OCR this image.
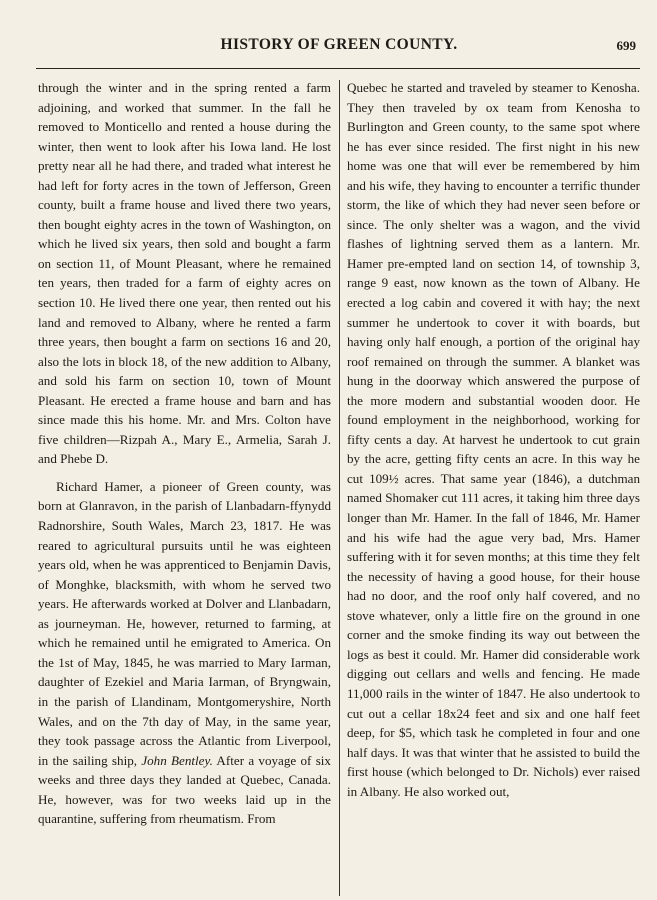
HISTORY OF GREEN COUNTY.	699

through the winter and in the spring rented a farm adjoining, and worked that summer. In the fall he removed to Monticello and rented a house during the winter, then went to look after his Iowa land. He lost pretty near all he had there, and traded what interest he had left for forty acres in the town of Jefferson, Green county, built a frame house and lived there two years, then bought eighty acres in the town of Washington, on which he lived six years, then sold and bought a farm on section 11, of Mount Pleasant, where he remained ten years, then traded for a farm of eighty acres on section 10. He lived there one year, then rented out his land and removed to Albany, where he rented a farm three years, then bought a farm on sections 16 and 20, also the lots in block 18, of the new addition to Albany, and sold his farm on section 10, town of Mount Pleasant. He erected a frame house and barn and has since made this his home. Mr. and Mrs. Colton have five children—Rizpah A., Mary E., Armelia, Sarah J. and Phebe D.

Richard Hamer, a pioneer of Green county, was born at Glanravon, in the parish of Llanbadarn-ffynydd Radnorshire, South Wales, March 23, 1817. He was reared to agricultural pursuits until he was eighteen years old, when he was apprenticed to Benjamin Davis, of Monghke, blacksmith, with whom he served two years. He afterwards worked at Dolver and Llanbadarn, as journeyman. He, however, returned to farming, at which he remained until he emigrated to America. On the 1st of May, 1845, he was married to Mary Iarman, daughter of Ezekiel and Maria Iarman, of Bryngwain, in the parish of Llandinam, Montgomeryshire, North Wales, and on the 7th day of May, in the same year, they took passage across the Atlantic from Liverpool, in the sailing ship, John Bentley. After a voyage of six weeks and three days they landed at Quebec, Canada. He, however, was for two weeks laid up in the quarantine, suffering from rheumatism. From

Quebec he started and traveled by steamer to Kenosha. They then traveled by ox team from Kenosha to Burlington and Green county, to the same spot where he has ever since resided. The first night in his new home was one that will ever be remembered by him and his wife, they having to encounter a terrific thunder storm, the like of which they had never seen before or since. The only shelter was a wagon, and the vivid flashes of lightning served them as a lantern. Mr. Hamer pre-empted land on section 14, of township 3, range 9 east, now known as the town of Albany. He erected a log cabin and covered it with hay; the next summer he undertook to cover it with boards, but having only half enough, a portion of the original hay roof remained on through the summer. A blanket was hung in the doorway which answered the purpose of the more modern and substantial wooden door. He found employment in the neighborhood, working for fifty cents a day. At harvest he undertook to cut grain by the acre, getting fifty cents an acre. In this way he cut 109½ acres. That same year (1846), a dutchman named Shomaker cut 111 acres, it taking him three days longer than Mr. Hamer. In the fall of 1846, Mr. Hamer and his wife had the ague very bad, Mrs. Hamer suffering with it for seven months; at this time they felt the necessity of having a good house, for their house had no door, and the roof only half covered, and no stove whatever, only a little fire on the ground in one corner and the smoke finding its way out between the logs as best it could. Mr. Hamer did considerable work digging out cellars and wells and fencing. He made 11,000 rails in the winter of 1847. He also undertook to cut out a cellar 18x24 feet and six and one half feet deep, for $5, which task he completed in four and one half days. It was that winter that he assisted to build the first house (which belonged to Dr. Nichols) ever raised in Albany. He also worked out,
